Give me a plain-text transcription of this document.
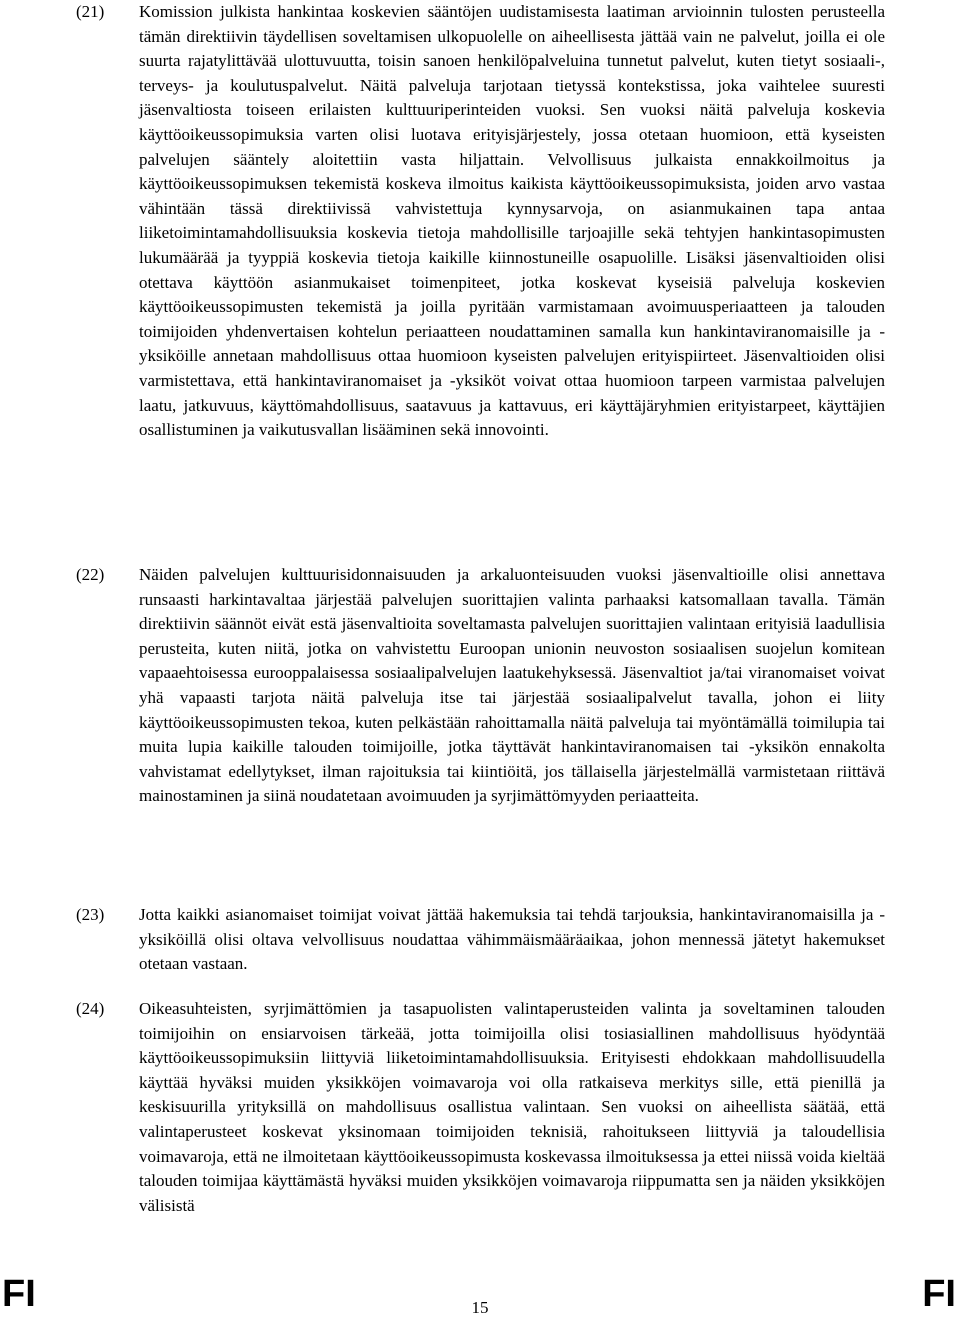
(21) Komission julkista hankintaa koskevien sääntöjen uudistamisesta laatiman arvioinnin tulosten perusteella tämän direktiivin täydellisen soveltamisen ulkopuolelle on aiheellisesta jättää vain ne palvelut, joilla ei ole suurta rajatylittävää ulottuvuutta, toisin sanoen henkilöpalveluina tunnetut palvelut, kuten tietyt sosiaali-, terveys- ja koulutuspalvelut. Näitä palveluja tarjotaan tietyssä kontekstissa, joka vaihtelee suuresti jäsenvaltiosta toiseen erilaisten kulttuuriperinteiden vuoksi. Sen vuoksi näitä palveluja koskevia käyttöoikeussopimuksia varten olisi luotava erityisjärjestely, jossa otetaan huomioon, että kyseisten palvelujen sääntely aloitettiin vasta hiljattain. Velvollisuus julkaista ennakkoilmoitus ja käyttöoikeussopimuksen tekemistä koskeva ilmoitus kaikista käyttöoikeussopimuksista, joiden arvo vastaa vähintään tässä direktiivissä vahvistettuja kynnysarvoja, on asianmukainen tapa antaa liiketoimintamahdollisuuksia koskevia tietoja mahdollisille tarjoajille sekä tehtyjen hankintasopimusten lukumäärää ja tyyppiä koskevia tietoja kaikille kiinnostuneille osapuolille. Lisäksi jäsenvaltioiden olisi otettava käyttöön asianmukaiset toimenpiteet, jotka koskevat kyseisiä palveluja koskevien käyttöoikeussopimusten tekemistä ja joilla pyritään varmistamaan avoimuusperiaatteen ja talouden toimijoiden yhdenvertaisen kohtelun periaatteen noudattaminen samalla kun hankintaviranomaisille ja -yksiköille annetaan mahdollisuus ottaa huomioon kyseisten palvelujen erityispiirteet. Jäsenvaltioiden olisi varmistettava, että hankintaviranomaiset ja -yksiköt voivat ottaa huomioon tarpeen varmistaa palvelujen laatu, jatkuvuus, käyttömahdollisuus, saatavuus ja kattavuus, eri käyttäjäryhmien erityistarpeet, käyttäjien osallistuminen ja vaikutusvallan lisääminen sekä innovointi.

(22) Näiden palvelujen kulttuurisidonnaisuuden ja arkaluonteisuuden vuoksi jäsenvaltioille olisi annettava runsaasti harkintavaltaa järjestää palvelujen suorittajien valinta parhaaksi katsomallaan tavalla. Tämän direktiivin säännöt eivät estä jäsenvaltioita soveltamasta palvelujen suorittajien valintaan erityisiä laadullisia perusteita, kuten niitä, jotka on vahvistettu Euroopan unionin neuvoston sosiaalisen suojelun komitean vapaaehtoisessa eurooppalaisessa sosiaalipalvelujen laatukehyksessä. Jäsenvaltiot ja/tai viranomaiset voivat yhä vapaasti tarjota näitä palveluja itse tai järjestää sosiaalipalvelut tavalla, johon ei liity käyttöoikeussopimusten tekoa, kuten pelkästään rahoittamalla näitä palveluja tai myöntämällä toimilupia tai muita lupia kaikille talouden toimijoille, jotka täyttävät hankintaviranomaisen tai -yksikön ennakolta vahvistamat edellytykset, ilman rajoituksia tai kiintiöitä, jos tällaisella järjestelmällä varmistetaan riittävä mainostaminen ja siinä noudatetaan avoimuuden ja syrjimättömyyden periaatteita.

(23) Jotta kaikki asianomaiset toimijat voivat jättää hakemuksia tai tehdä tarjouksia, hankintaviranomaisilla ja -yksiköillä olisi oltava velvollisuus noudattaa vähimmäismääräaikaa, johon mennessä jätetyt hakemukset otetaan vastaan.

(24) Oikeasuhteisten, syrjimättömien ja tasapuolisten valintaperusteiden valinta ja soveltaminen talouden toimijoihin on ensiarvoisen tärkeää, jotta toimijoilla olisi tosiasiallinen mahdollisuus hyödyntää käyttöoikeussopimuksiin liittyviä liiketoimintamahdollisuuksia. Erityisesti ehdokkaan mahdollisuudella käyttää hyväksi muiden yksikköjen voimavaroja voi olla ratkaiseva merkitys sille, että pienillä ja keskisuurilla yrityksillä on mahdollisuus osallistua valintaan. Sen vuoksi on aiheellista säätää, että valintaperusteet koskevat yksinomaan toimijoiden teknisiä, rahoitukseen liittyviä ja taloudellisia voimavaroja, että ne ilmoitetaan käyttöoikeussopimusta koskevassa ilmoituksessa ja ettei niissä voida kieltää talouden toimijaa käyttämästä hyväksi muiden yksikköjen voimavaroja riippumatta sen ja näiden yksikköjen välisistä

FI	15	FI
